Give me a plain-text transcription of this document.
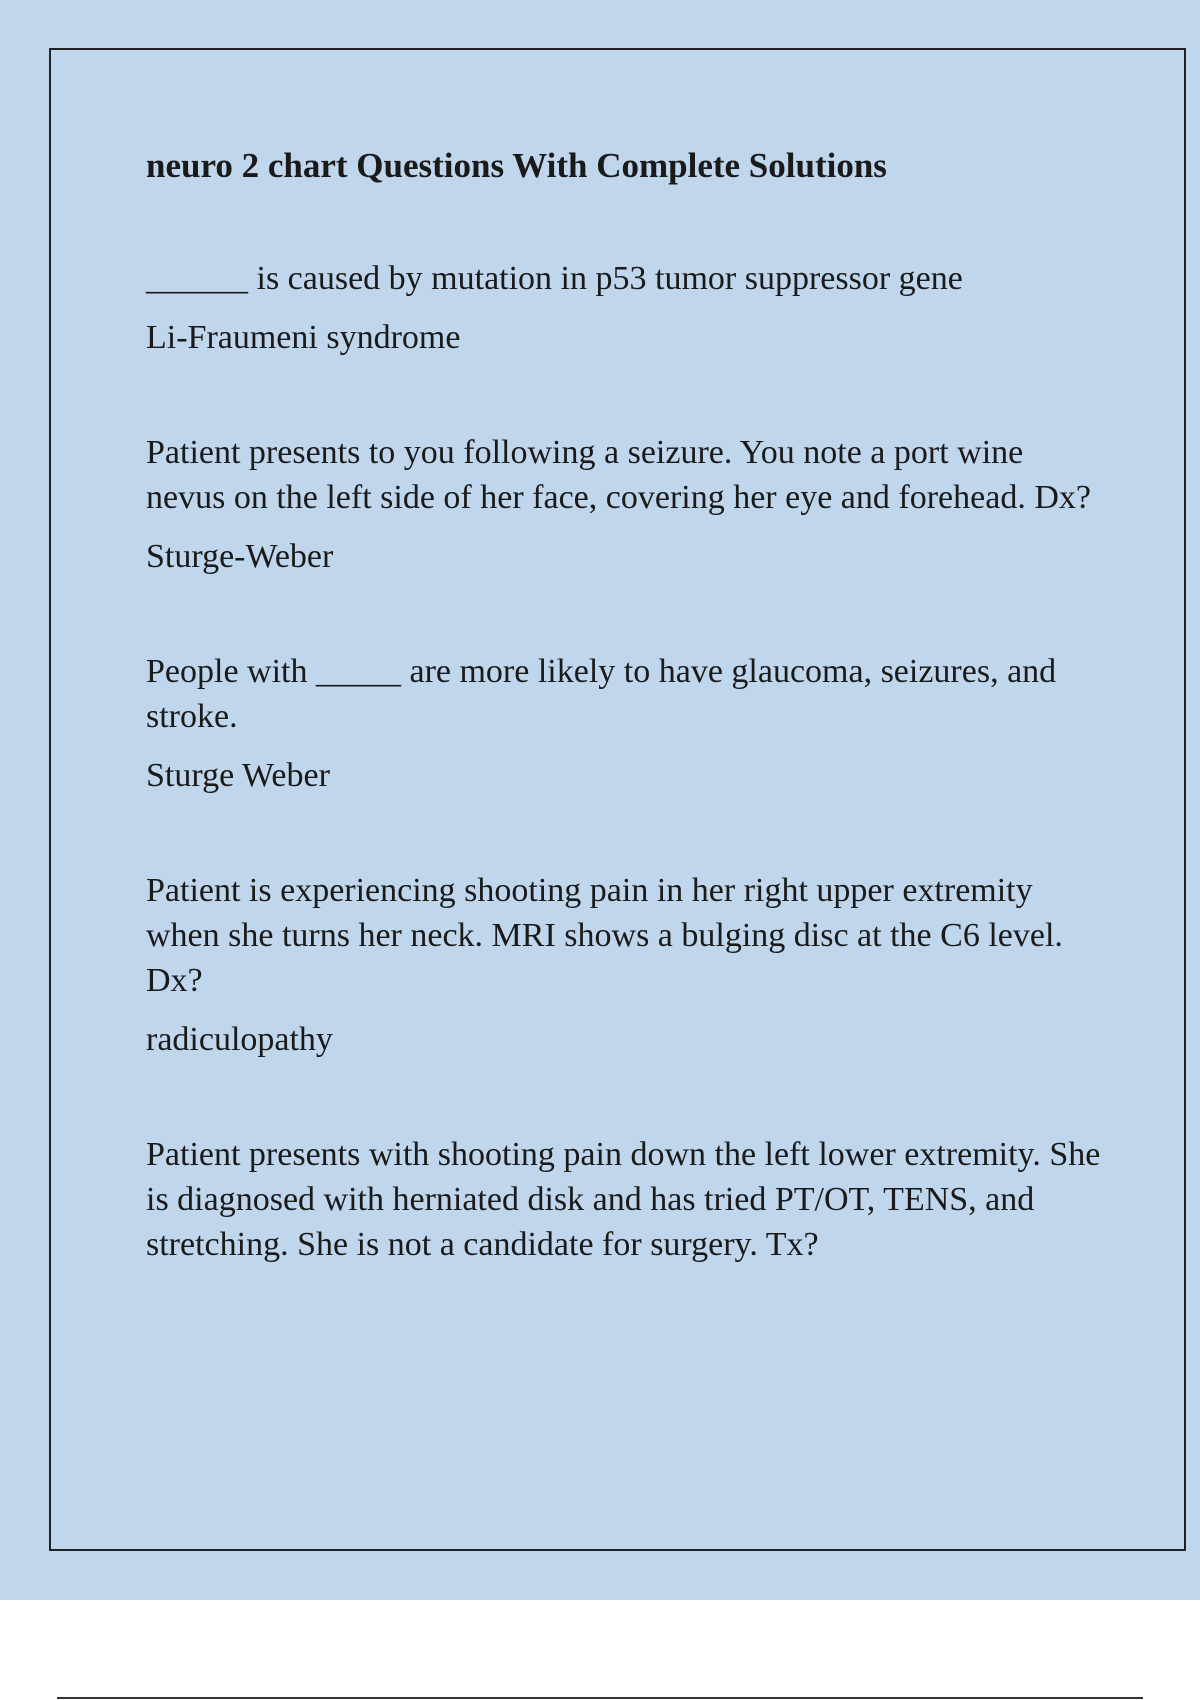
neuro 2 chart Questions With Complete Solutions

______ is caused by mutation in p53 tumor suppressor gene

Li-Fraumeni syndrome

Patient presents to you following a seizure. You note a port wine nevus on the left side of her face, covering her eye and forehead. Dx?

Sturge-Weber

People with _____ are more likely to have glaucoma, seizures, and stroke.

Sturge Weber

Patient is experiencing shooting pain in her right upper extremity when she turns her neck. MRI shows a bulging disc at the C6 level. Dx?

radiculopathy

Patient presents with shooting pain down the left lower extremity. She is diagnosed with herniated disk and has tried PT/OT, TENS, and stretching. She is not a candidate for surgery. Tx?
